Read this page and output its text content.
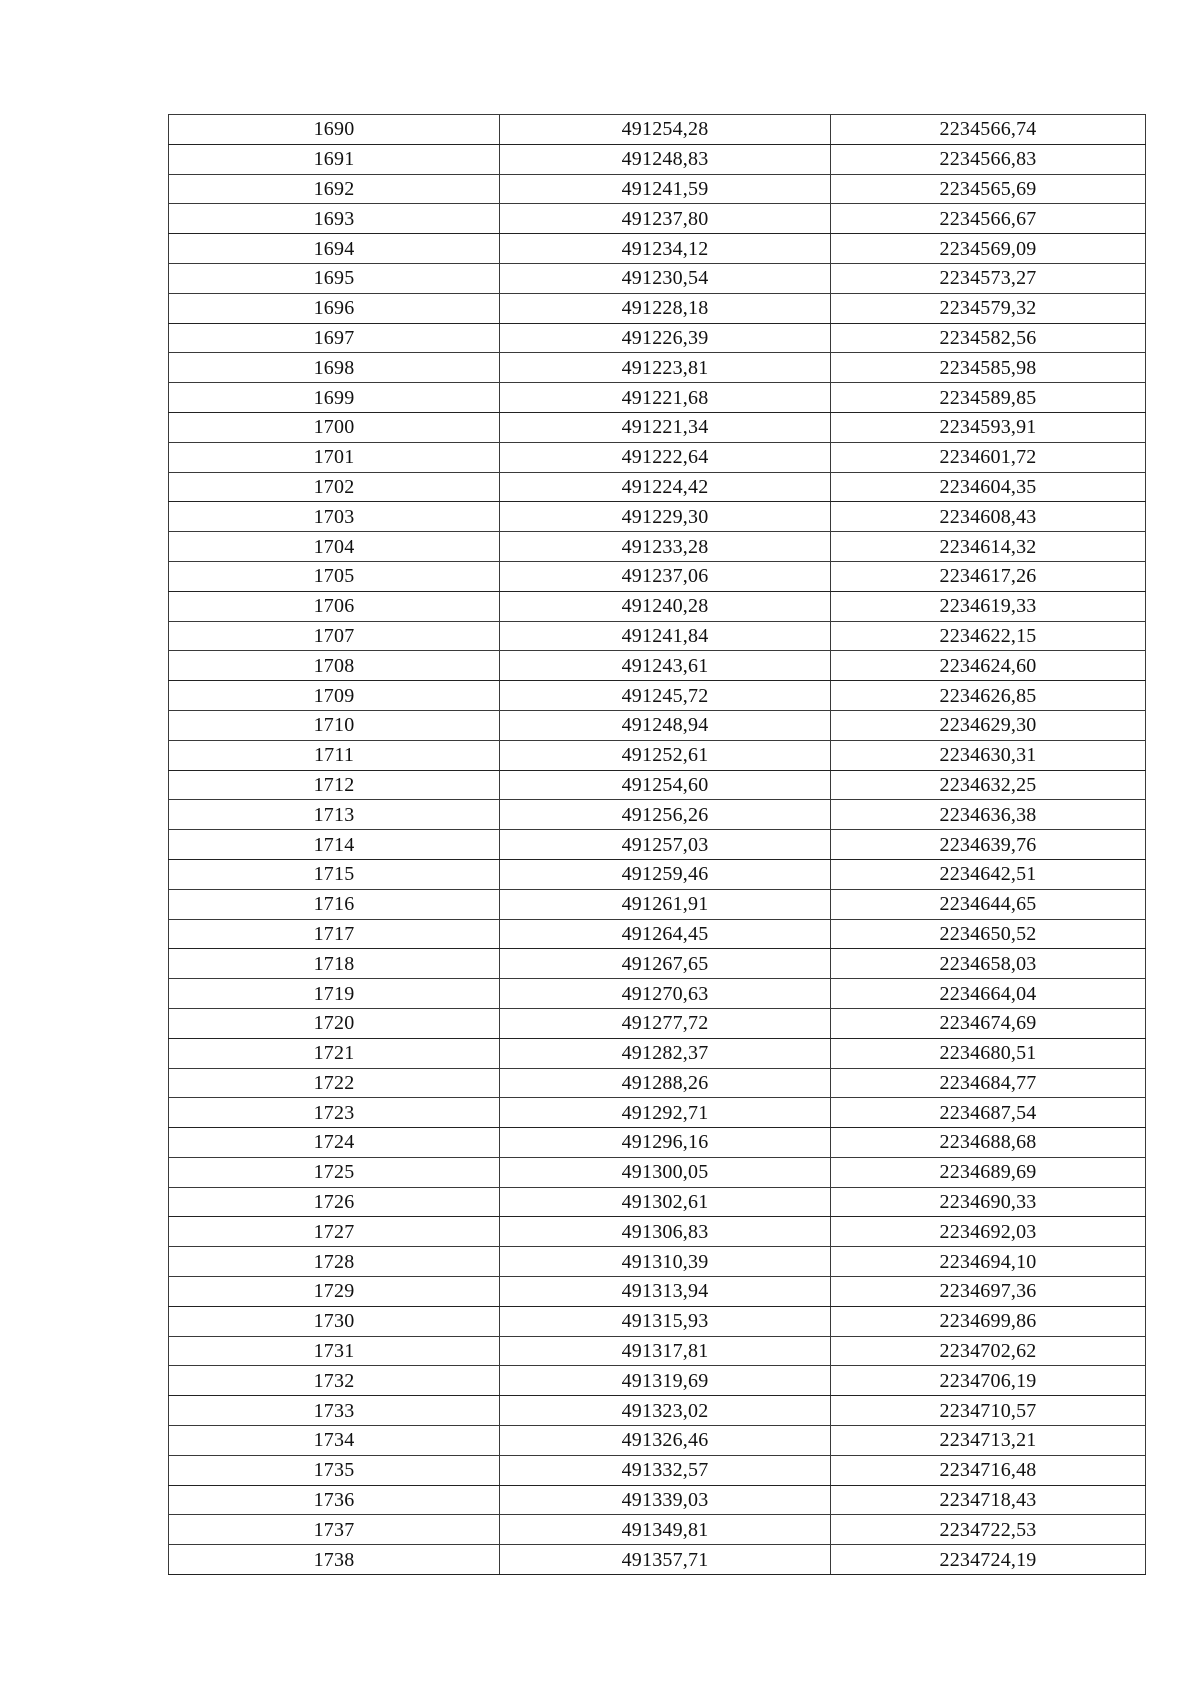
1690	491254,28	2234566,74
1691	491248,83	2234566,83
1692	491241,59	2234565,69
1693	491237,80	2234566,67
1694	491234,12	2234569,09
1695	491230,54	2234573,27
1696	491228,18	2234579,32
1697	491226,39	2234582,56
1698	491223,81	2234585,98
1699	491221,68	2234589,85
1700	491221,34	2234593,91
1701	491222,64	2234601,72
1702	491224,42	2234604,35
1703	491229,30	2234608,43
1704	491233,28	2234614,32
1705	491237,06	2234617,26
1706	491240,28	2234619,33
1707	491241,84	2234622,15
1708	491243,61	2234624,60
1709	491245,72	2234626,85
1710	491248,94	2234629,30
1711	491252,61	2234630,31
1712	491254,60	2234632,25
1713	491256,26	2234636,38
1714	491257,03	2234639,76
1715	491259,46	2234642,51
1716	491261,91	2234644,65
1717	491264,45	2234650,52
1718	491267,65	2234658,03
1719	491270,63	2234664,04
1720	491277,72	2234674,69
1721	491282,37	2234680,51
1722	491288,26	2234684,77
1723	491292,71	2234687,54
1724	491296,16	2234688,68
1725	491300,05	2234689,69
1726	491302,61	2234690,33
1727	491306,83	2234692,03
1728	491310,39	2234694,10
1729	491313,94	2234697,36
1730	491315,93	2234699,86
1731	491317,81	2234702,62
1732	491319,69	2234706,19
1733	491323,02	2234710,57
1734	491326,46	2234713,21
1735	491332,57	2234716,48
1736	491339,03	2234718,43
1737	491349,81	2234722,53
1738	491357,71	2234724,19
